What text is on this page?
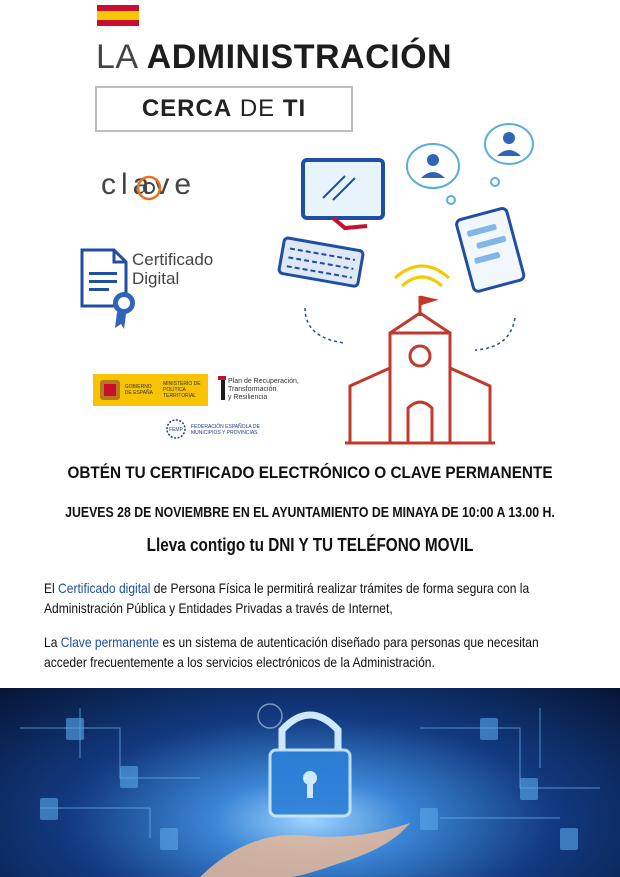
LA ADMINISTRACIÓN
CERCA
DE
TI
clave
Certificado
Digital
GOBIERNO DE ESPAÑA
MINISTERIO DE POLÍTICA TERRITORIAL
Plan de Recuperación,
Transformación
y Resiliencia
FEMP FEDERACIÓN ESPAÑOLA DE
MUNICIPIOS Y PROVINCIAS
OBTÉN TU CERTIFICADO ELECTRÓNICO O CLAVE PERMANENTE
JUEVES 28 DE NOVIEMBRE EN EL AYUNTAMIENTO DE MINAYA DE 10:00 A 13.00 H.
Lleva contigo tu DNI Y TU TELÉFONO MOVIL
El Certificado digital de Persona Física le permitirá realizar trámites de forma segura con la
Administración Pública y Entidades Privadas a través de Internet,
La Clave permanente es un sistema de autenticación diseñado para personas que necesitan
acceder frecuentemente a los servicios electrónicos de la Administración.
